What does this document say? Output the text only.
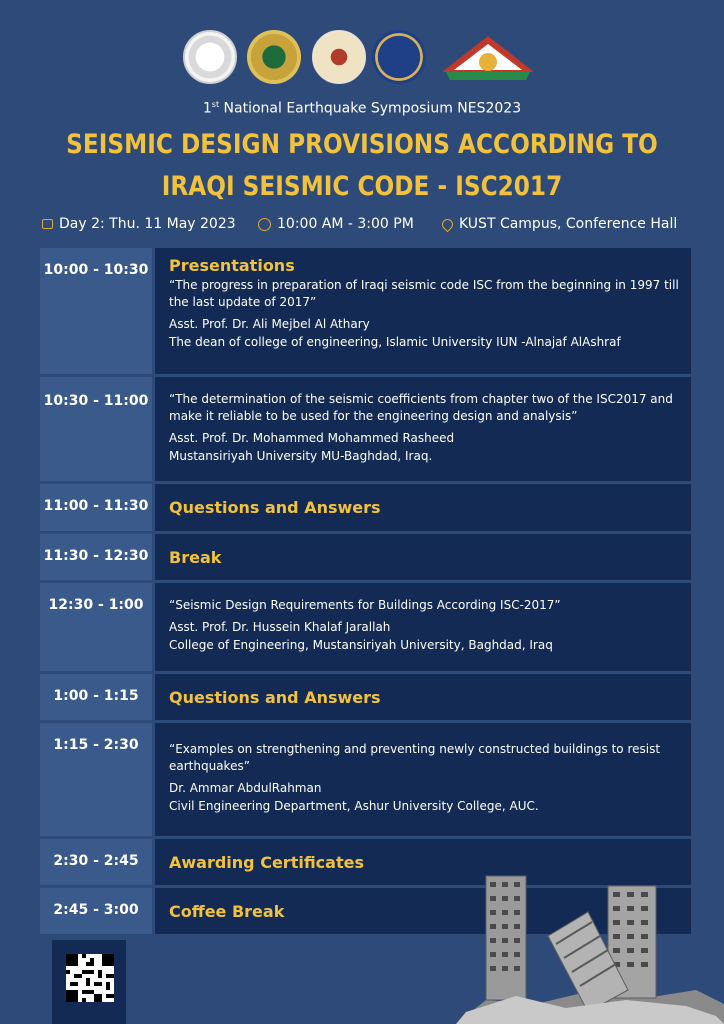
1st National Earthquake Symposium NES2023
SEISMIC DESIGN PROVISIONS ACCORDING TO
IRAQI SEISMIC CODE - ISC2017
Day 2: Thu. 11 May 2023	10:00 AM - 3:00 PM	KUST Campus, Conference Hall
10:00 - 10:30 Presentations
“The progress in preparation of Iraqi seismic code ISC from the beginning in 1997 till the last update of 2017”
Asst. Prof. Dr. Ali Mejbel Al Athary
The dean of college of engineering, Islamic University IUN -Alnajaf AlAshraf
10:30 - 11:00	“The determination of the seismic coefficients from chapter two of the ISC2017 and make it reliable to be used for the engineering design and analysis”
Asst. Prof. Dr. Mohammed Mohammed Rasheed
Mustansiriyah University MU-Baghdad, Iraq.
11:00 - 11:30 Questions and Answers
11:30 - 12:30 Break
12:30 - 1:00	“Seismic Design Requirements for Buildings According ISC-2017”
Asst. Prof. Dr. Hussein Khalaf Jarallah
College of Engineering, Mustansiriyah University, Baghdad, Iraq
1:00 - 1:15	Questions and Answers
1:15 - 2:30	“Examples on strengthening and preventing newly constructed buildings to resist earthquakes”
Dr. Ammar AbdulRahman
Civil Engineering Department, Ashur University College, AUC.
2:30 - 2:45	Awarding Certificates
2:45 - 3:00	Coffee Break
